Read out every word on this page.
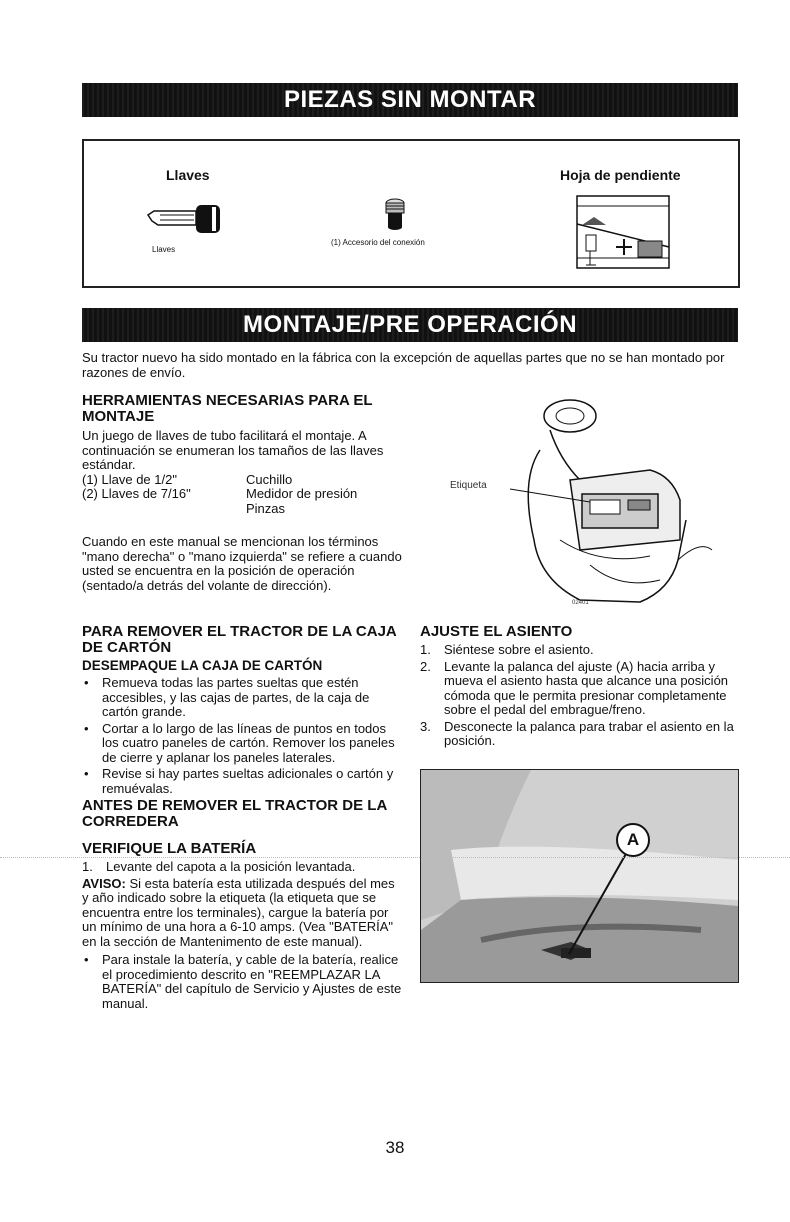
PIEZAS SIN MONTAR
Llaves
Llaves
(1) Accesorio del conexión
Hoja de pendiente
MONTAJE/PRE OPERACIÓN
Su tractor nuevo ha sido montado en la fábrica con la excepción de aquellas partes que no se han montado por razones de envío.
HERRAMIENTAS NECESARIAS PARA EL MONTAJE
Un juego de llaves de tubo facilitará el montaje. A continuación se enumeran los tamaños de las llaves estándar.
(1) Llave de 1/2"	Cuchillo
(2) Llaves de 7/16"	Medidor de presión
	Pinzas
Cuando en este manual se mencionan los términos "mano derecha" o "mano izquierda" se refiere a cuando usted se encuentra en la posición de operación (sentado/a detrás del volante de dirección).
Etiqueta
02401
PARA REMOVER EL TRACTOR DE LA CAJA DE CARTÓN
DESEMPAQUE LA CAJA DE CARTÓN
• Remueva todas las partes sueltas que estén accesibles, y las cajas de partes, de la caja de cartón grande.
• Cortar a lo largo de las líneas de puntos en todos los cuatro paneles de cartón. Remover los paneles de cierre y aplanar los paneles laterales.
• Revise si hay partes sueltas adicionales o cartón y remuévalas.
ANTES DE REMOVER EL TRACTOR DE LA CORREDERA
VERIFIQUE LA BATERÍA
1. Levante del capota a la posición levantada.
AVISO: Si esta batería esta utilizada después del mes y año indicado sobre la etiqueta (la etiqueta que se encuentra entre los terminales), cargue la batería por un mínimo de una hora a 6-10 amps. (Vea "BATERÍA" en la sección de Mantenimento de este manual).
• Para instale la batería, y cable de la batería, realice el procedimiento descrito en "REEMPLAZAR LA BATERÍA" del capítulo de Servicio y Ajustes de este manual.
AJUSTE EL ASIENTO
1. Siéntese sobre el asiento.
2. Levante la palanca del ajuste (A) hacia arriba y mueva el asiento hasta que alcance una posición cómoda que le permita presionar completamente sobre el pedal del embrague/freno.
3. Desconecte la palanca para trabar el asiento en la posición.
A
38
